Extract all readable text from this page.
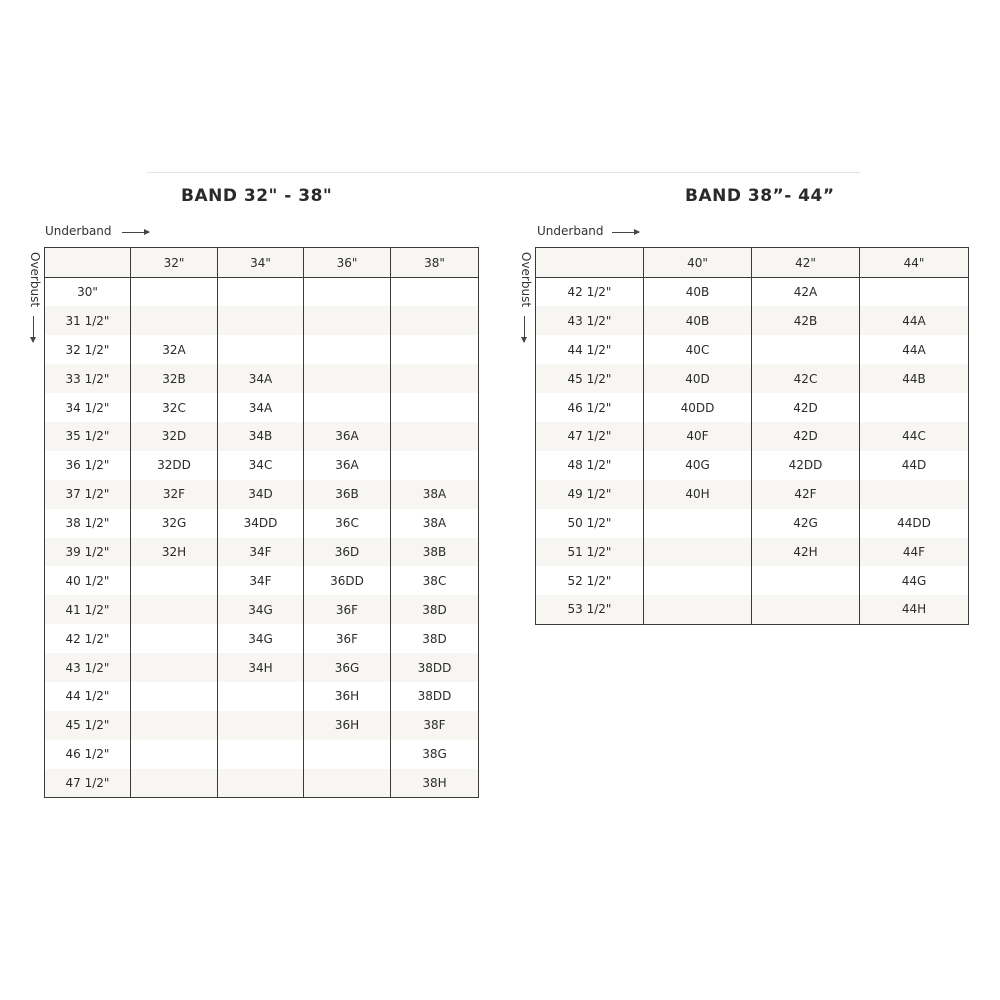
BAND 32" - 38"
Underband
Overbust
		32"	34"	36"	38"
30"				
31 1/2"				
32 1/2"	32A			
33 1/2"	32B	34A		
34 1/2"	32C	34A		
35 1/2"	32D	34B	36A	
36 1/2"	32DD	34C	36A	
37 1/2"	32F	34D	36B	38A
38 1/2"	32G	34DD	36C	38A
39 1/2"	32H	34F	36D	38B
40 1/2"		34F	36DD	38C
41 1/2"		34G	36F	38D
42 1/2"		34G	36F	38D
43 1/2"		34H	36G	38DD
44 1/2"			36H	38DD
45 1/2"			36H	38F
46 1/2"				38G
47 1/2"				38H
BAND 38”- 44”
Underband
Overbust
		40"	42"	44"
42 1/2"	40B	42A	
43 1/2"	40B	42B	44A
44 1/2"	40C		44A
45 1/2"	40D	42C	44B
46 1/2"	40DD	42D	
47 1/2"	40F	42D	44C
48 1/2"	40G	42DD	44D
49 1/2"	40H	42F	
50 1/2"		42G	44DD
51 1/2"		42H	44F
52 1/2"			44G
53 1/2"			44H
